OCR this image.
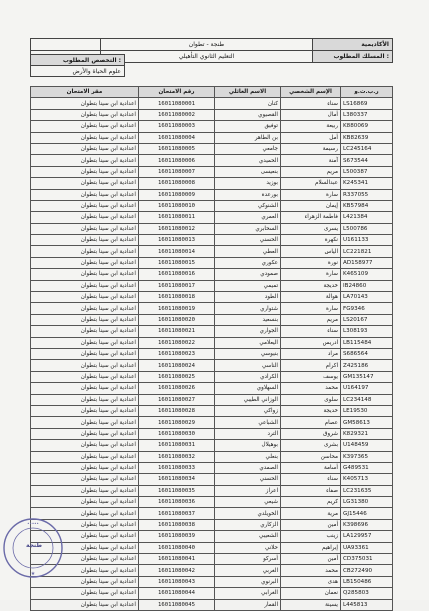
	طنجة - تطوان	الأكاديمية
	التعليم الثانوي التأهيلي	المسلك المطلوب :
التخصص المطلوب :
علوم الحياة والأرض
مقر الامتحان	رقم الامتحان	الاسم العائلي	الإسم الشخصي	ر.ب.ت.و
اعدادية ابن سينا بتطوان	16011080001	كنان	سناء	LS16869
اعدادية ابن سينا بتطوان	16011080002	القصيوي	أمال	L380337
اعدادية ابن سينا بتطوان	16011080003	توفيق	ربيعة	K880069
اعدادية ابن سينا بتطوان	16011080004	بن الطاهر	أمل	KB82639
اعدادية ابن سينا بتطوان	16011080005	جامعي	رسيمة	LC245164
اعدادية ابن سينا بتطوان	16011080006	الحميدي	آمنة	S673544
اعدادية ابن سينا بتطوان	16011080007	بنعيسى	مريم	L500387
اعدادية ابن سينا بتطوان	16011080008	بوزيد	عبدالسلام	K245341
اعدادية ابن سينا بتطوان	16011080009	بورعدة	سارة	R337055
اعدادية ابن سينا بتطوان	16011080010	الشنوكي	إيمان	KB57984
اعدادية ابن سينا بتطوان	16011080011	العمري	فاطمة الزهراء	L421384
اعدادية ابن سينا بتطوان	16011080012	السحابري	يسرى	L500786
اعدادية ابن سينا بتطوان	16011080013	الحسني	نكهرة	U161133
اعدادية ابن سينا بتطوان	16011080014	العطي	الياس	LC221821
اعدادية ابن سينا بتطوان	16011080015	عكوري	نورة	AD158977
اعدادية ابن سينا بتطوان	16011080016	صمودي	سارة	K465109
اعدادية ابن سينا بتطوان	16011080017	تميمي	خديجة	IB24860
اعدادية ابن سينا بتطوان	16011080018	الطود	هوالة	LA70143
اعدادية ابن سينا بتطوان	16011080019	شتواري	سارة	FG9346
اعدادية ابن سينا بتطوان	16011080020	بنسعيد	مريم	LS20167
اعدادية ابن سينا بتطوان	16011080021	الجواري	سناء	L308193
اعدادية ابن سينا بتطوان	16011080022	اليعلامي	ادريس	LB115484
اعدادية ابن سينا بتطوان	16011080023	بنيوسي	مراد	S686564
اعدادية ابن سينا بتطوان	16011080024	الناسي	اكرام	Z425186
اعدادية ابن سينا بتطوان	16011080025	الكرادي	يوسف	GM135147
اعدادية ابن سينا بتطوان	16011080026	السهلاوي	محمد	U164197
اعدادية ابن سينا بتطوان	16011080027	الوزاني الطيبي	سلوى	LC234148
اعدادية ابن سينا بتطوان	16011080028	زواكي	خديجة	LE19530
اعدادية ابن سينا بتطوان	16011080029	الشباعي	عصام	GM58613
اعدادية ابن سينا بتطوان	16011080030	الترد	شروق	K829321
اعدادية ابن سينا بتطوان	16011080031	بوهيلال	بشرى	U148459
اعدادية ابن سينا بتطوان	16011080032	بنعلي	محاسن	K397365
اعدادية ابن سينا بتطوان	16011080033	الصمدي	أسامة	G489531
اعدادية ابن سينا بتطوان	16011080034	الحسني	سناء	K405713
اعدادية ابن سينا بتطوان	16011080035	اعراز	صفاء	LC231635
اعدادية ابن سينا بتطوان	16011080036	شيعي	كريم	LG31380
اعدادية ابن سينا بتطوان	16011080037	الخويلدي	مرية	GJ15446
اعدادية ابن سينا بتطوان	16011080038	الزكاري	أمين	K398696
اعدادية ابن سينا بتطوان	16011080039	الشعيبي	زينب	LA129957
اعدادية ابن سينا بتطوان	16011080040	حلاني	إبراهيم	UA93361
اعدادية ابن سينا بتطوان	16011080041	أسركو	أمين	CD375031
اعدادية ابن سينا بتطوان	16011080042	الغربي	محمد	CB272490
اعدادية ابن سينا بتطوان	16011080043	البرنوي	هدى	LB150486
اعدادية ابن سينا بتطوان	16011080044	الغرابي	نعمان	Q285803
اعدادية ابن سينا بتطوان	16011080045	القمار	يسينة	L445813
•••••
★
طنجة
